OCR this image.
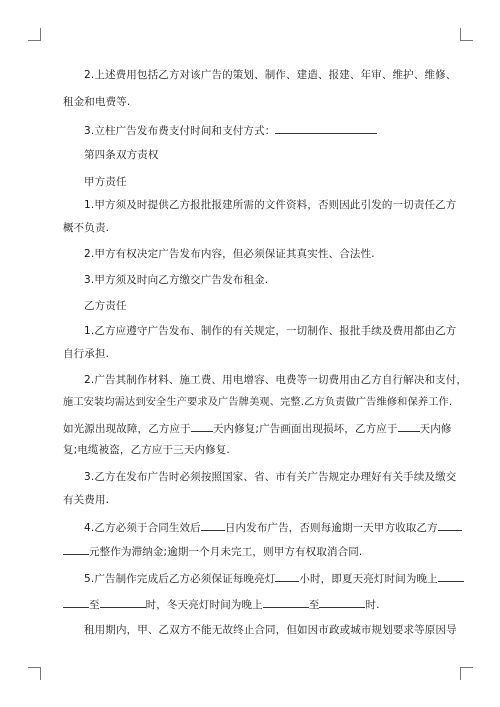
2.上述费用包括乙方对该广告的策划、制作、建造、报建、年审、维护、维修、
租金和电费等.
3.立柱广告发布费支付时间和支付方式：
第四条双方责权
甲方责任
1.甲方须及时提供乙方报批报建所需的文件资料，否则因此引发的一切责任乙方
概不负责.
2.甲方有权决定广告发布内容，但必须保证其真实性、合法性.
3.甲方须及时向乙方缴交广告发布租金.
乙方责任
1.乙方应遵守广告发布、制作的有关规定，一切制作、报批手续及费用都由乙方
自行承担.
2.广告其制作材料、施工费、用电增容、电费等一切费用由乙方自行解决和支付，
施工安装均需达到安全生产要求及广告牌美观、完整.乙方负责做广告维修和保养工作.
如光源出现故障，乙方应于 天内修复;广告画面出现损坏，乙方应于 天内修
复;电缆被盗，乙方应于三天内修复.
3.乙方在发布广告时必须按照国家、省、市有关广告规定办理好有关手续及缴交
有关费用.
4.乙方必须于合同生效后 日内发布广告，否则每逾期一天甲方收取乙方
元整作为滞纳金;逾期一个月未完工，则甲方有权取消合同.
5.广告制作完成后乙方必须保证每晚亮灯 小时，即夏天亮灯时间为晚上
至	时，冬天亮灯时间为晚上	至	时.
租用期内，甲、乙双方不能无故终止合同，但如因市政或城市规划要求等原因导
